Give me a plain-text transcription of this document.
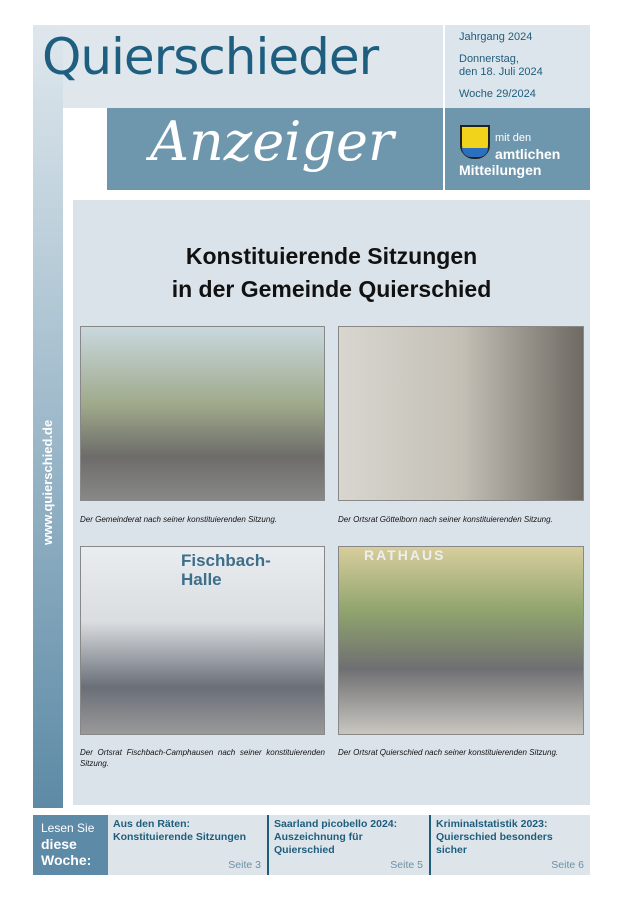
Quierschieder
Anzeiger
Jahrgang 2024
Donnerstag,
den 18. Juli 2024
Woche 29/2024
mit den
amtlichen
Mitteilungen
www.quierschied.de
Konstituierende Sitzungen
in der Gemeinde Quierschied
Fischbach-Halle
RATHAUS
Der Gemeinderat nach seiner konstituierenden Sitzung.	Der Ortsrat Göttelborn nach seiner konstituierenden Sitzung.
Der Ortsrat Fischbach-Camphausen nach seiner konstituierenden Sitzung.
Der Ortsrat Quierschied nach seiner konstituierenden Sitzung.
Lesen Sie
diese
Woche:
Aus den Räten:
Konstituierende Sitzungen
Seite 3
Saarland picobello 2024:
Auszeichnung für Quierschied
Seite 5
Kriminalstatistik 2023:
Quierschied besonders sicher
Seite 6
